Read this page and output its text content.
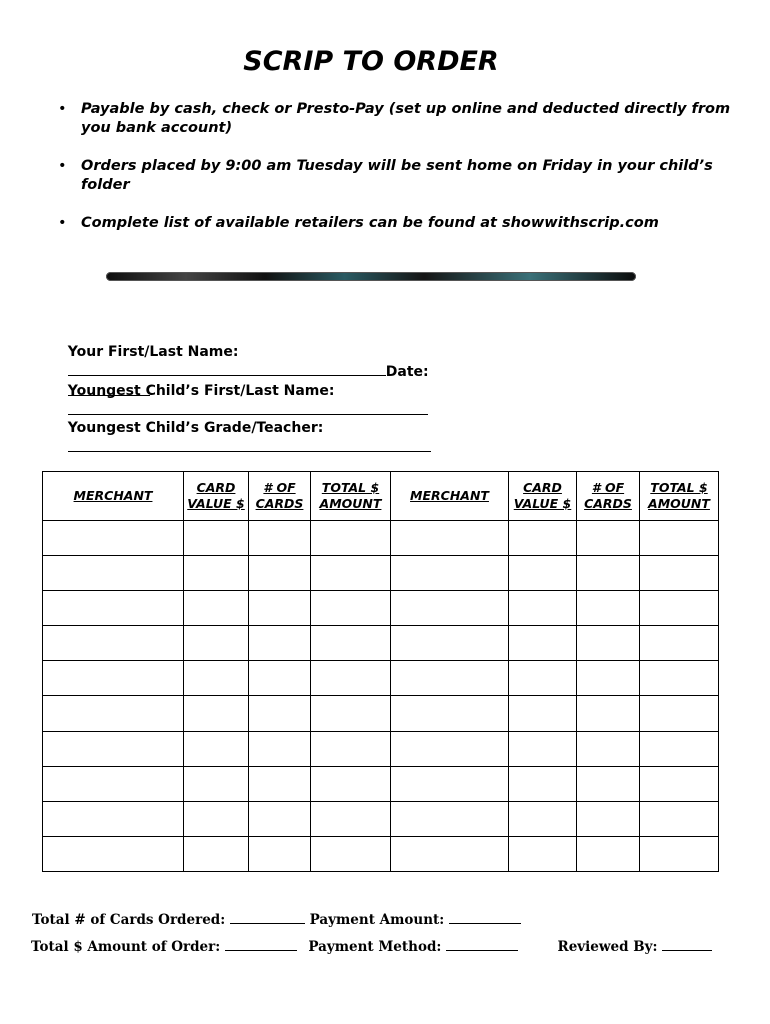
SCRIP TO ORDER
• Payable by cash, check or Presto-Pay (set up online and deducted directly from you bank account)
• Orders placed by 9:00 am Tuesday will be sent home on Friday in your child’s folder
• Complete list of available retailers can be found at showwithscrip.com

Your First/Last Name:
Date:

Youngest Child’s First/Last Name:

Youngest Child’s Grade/Teacher:

MERCHANT	CARD VALUE $	# OF CARDS	TOTAL $ AMOUNT	MERCHANT	CARD VALUE $	# OF CARDS	TOTAL $ AMOUNT

Total # of Cards Ordered:	Payment Amount:
Total $ Amount of Order:	Payment Method:	Reviewed By:
